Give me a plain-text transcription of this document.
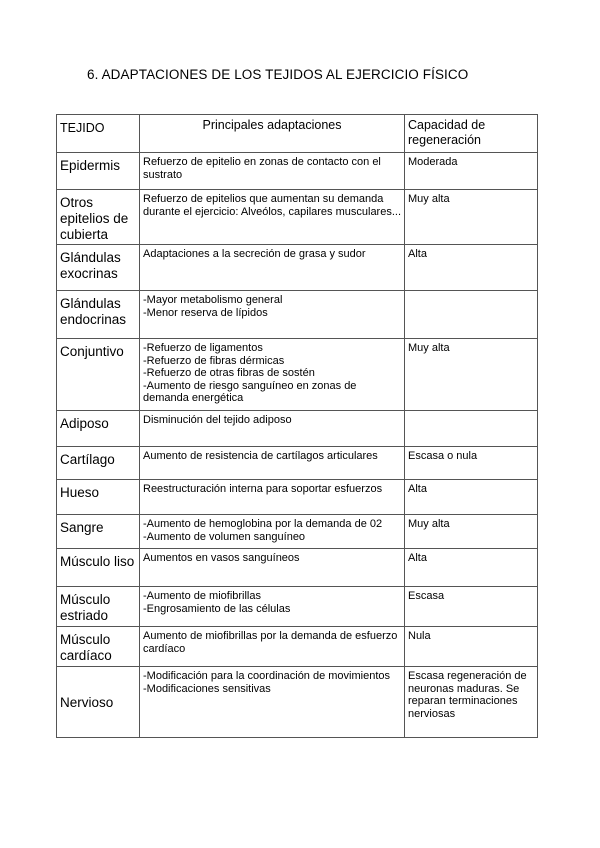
6. ADAPTACIONES DE LOS TEJIDOS AL EJERCICIO FÍSICO
TEJIDO	Principales adaptaciones	Capacidad de regeneración
Epidermis	Refuerzo de epitelio en zonas de contacto con el sustrato	Moderada
Otros epitelios de cubierta	Refuerzo de epitelios que aumentan su demanda durante el ejercicio: Alveólos, capilares musculares...	Muy alta
Glándulas exocrinas	Adaptaciones a la secreción de grasa y sudor	Alta
Glándulas endocrinas	-Mayor metabolismo general
-Menor reserva de lípidos	

Conjuntivo	-Refuerzo de ligamentos
-Refuerzo de fibras dérmicas
-Refuerzo de otras fibras de sostén
-Aumento de riesgo sanguíneo en zonas de demanda energética	Muy alta
Adiposo	Disminución del tejido adiposo	

Cartílago	Aumento de resistencia de cartílagos articulares	Escasa o nula
Hueso	Reestructuración interna para soportar esfuerzos	Alta
Sangre	-Aumento de hemoglobina por la demanda de 02
-Aumento de volumen sanguíneo	Muy alta
Músculo liso	Aumentos en vasos sanguíneos	Alta
Músculo estriado	-Aumento de miofibrillas
-Engrosamiento de las células	Escasa
Músculo cardíaco	Aumento de miofibrillas por la demanda de esfuerzo cardíaco	Nula
Nervioso	-Modificación para la coordinación de movimientos
-Modificaciones sensitivas	Escasa regeneración de neuronas maduras. Se reparan terminaciones nerviosas
